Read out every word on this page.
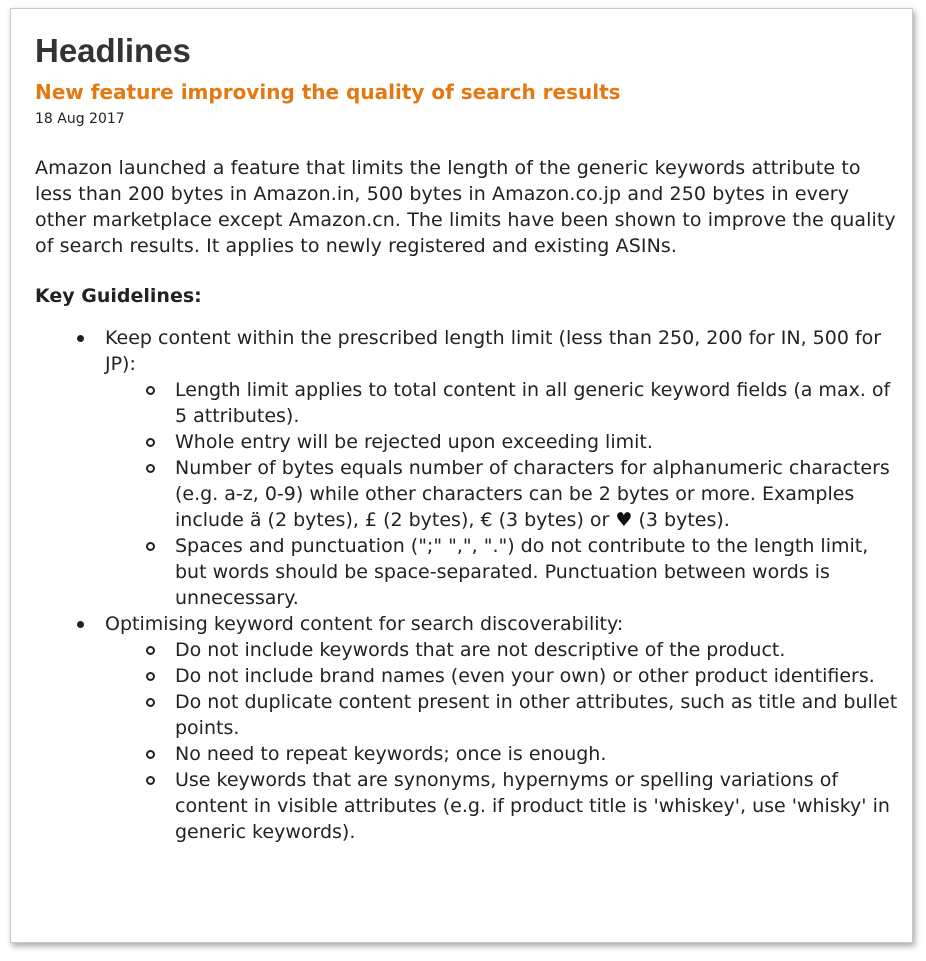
Headlines
New feature improving the quality of search results
18 Aug 2017
Amazon launched a feature that limits the length of the generic keywords attribute to less than 200 bytes in Amazon.in, 500 bytes in Amazon.co.jp and 250 bytes in every other marketplace except Amazon.cn. The limits have been shown to improve the quality of search results. It applies to newly registered and existing ASINs.
Key Guidelines:
Keep content within the prescribed length limit (less than 250, 200 for IN, 500 for JP):
Length limit applies to total content in all generic keyword fields (a max. of 5 attributes).
Whole entry will be rejected upon exceeding limit.
Number of bytes equals number of characters for alphanumeric characters (e.g. a-z, 0-9) while other characters can be 2 bytes or more. Examples include ä (2 bytes), £ (2 bytes), € (3 bytes) or ♥ (3 bytes).
Spaces and punctuation (";" ",", ".") do not contribute to the length limit, but words should be space-separated. Punctuation between words is unnecessary.
Optimising keyword content for search discoverability:
Do not include keywords that are not descriptive of the product.
Do not include brand names (even your own) or other product identifiers.
Do not duplicate content present in other attributes, such as title and bullet points.
No need to repeat keywords; once is enough.
Use keywords that are synonyms, hypernyms or spelling variations of content in visible attributes (e.g. if product title is 'whiskey', use 'whisky' in generic keywords).
